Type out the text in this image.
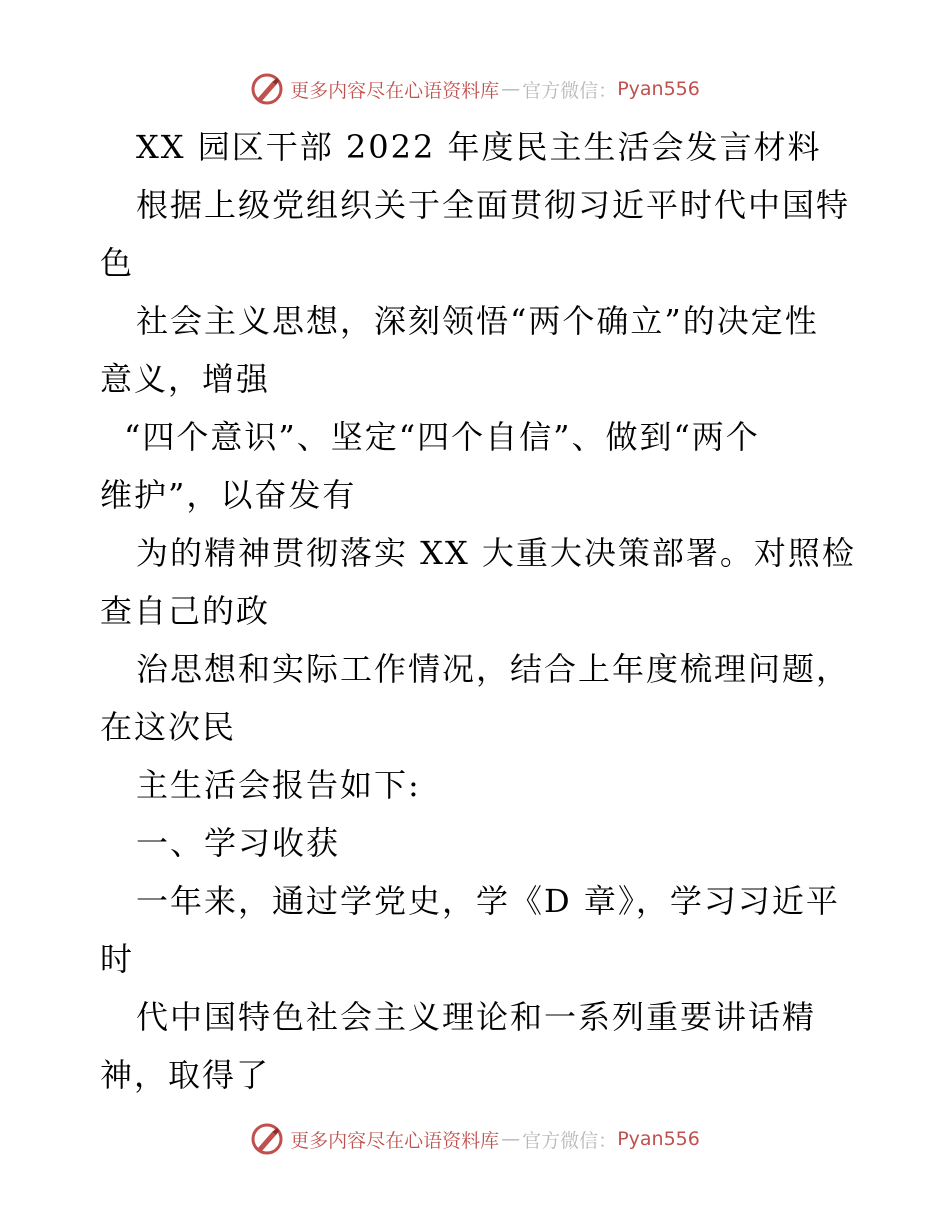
更多内容尽在心语资料库 — 官方微信： Pyan556
XX 园区干部 2022 年度民主生活会发言材料
根据上级党组织关于全面贯彻习近平时代中国特
色
社会主义思想，深刻领悟“两个确立”的决定性
意义，增强
“四个意识”、坚定“四个自信”、做到“两个
维护”，以奋发有
为的精神贯彻落实 XX 大重大决策部署。对照检
查自己的政
治思想和实际工作情况，结合上年度梳理问题，
在这次民
主生活会报告如下:
一、学习收获
一年来，通过学党史，学《D 章》，学习习近平
时
代中国特色社会主义理论和一系列重要讲话精
神，取得了
更多内容尽在心语资料库 — 官方微信： Pyan556
